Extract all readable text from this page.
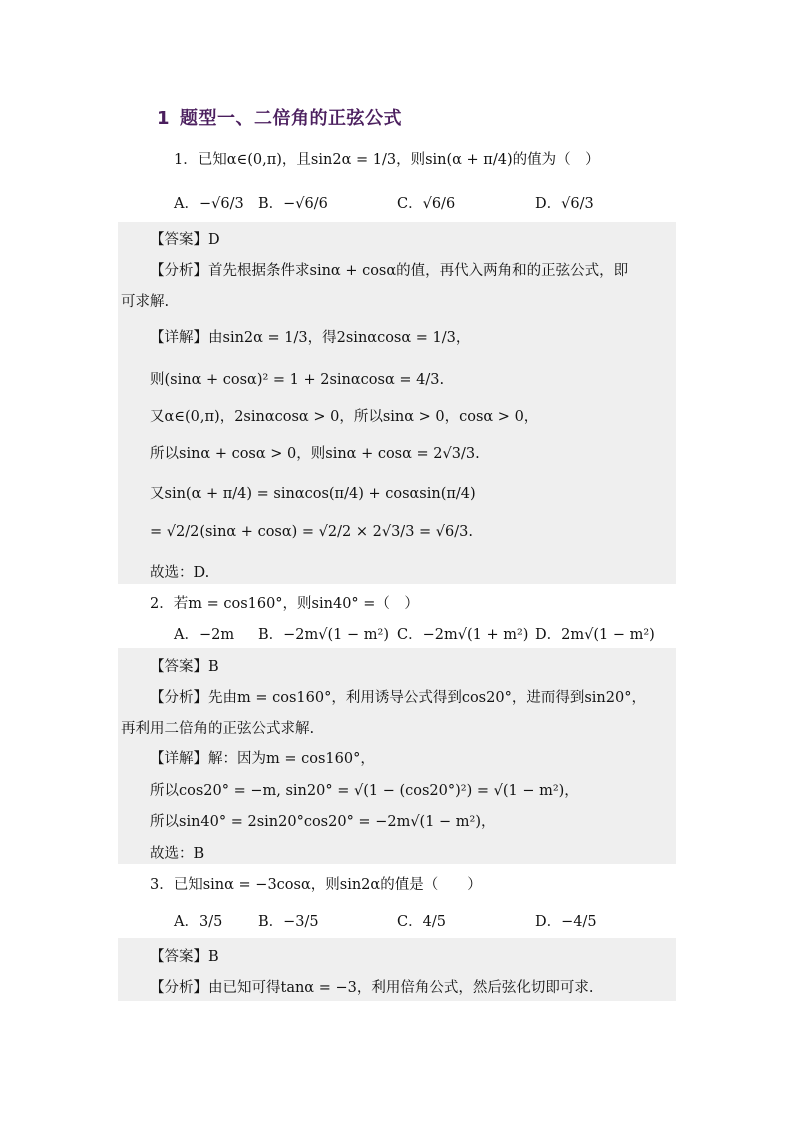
1 题型一、二倍角的正弦公式
1．已知α∈(0,π)，且sin2α = 1/3，则sin(α + π/4)的值为（　）
A．−√6/3 B．−√6/6	C．√6/6	D．√6/3
【答案】D
【分析】首先根据条件求sinα + cosα的值，再代入两角和的正弦公式，即
可求解.
【详解】由sin2α = 1/3，得2sinαcosα = 1/3，
则(sinα + cosα)² = 1 + 2sinαcosα = 4/3.
又α∈(0,π)，2sinαcosα > 0，所以sinα > 0，cosα > 0，
所以sinα + cosα > 0，则sinα + cosα = 2√3/3.
又sin(α + π/4) = sinαcos(π/4) + cosαsin(π/4)
= √2/2(sinα + cosα) = √2/2 × 2√3/3 = √6/3.
故选：D.
2．若m = cos160°，则sin40° =（　）
A．−2m B．−2m√(1 − m²) C．−2m√(1 + m²) D．2m√(1 − m²)
【答案】B
【分析】先由m = cos160°，利用诱导公式得到cos20°，进而得到sin20°，
再利用二倍角的正弦公式求解.
【详解】解：因为m = cos160°，
所以cos20° = −m, sin20° = √(1 − (cos20°)²) = √(1 − m²)，
所以sin40° = 2sin20°cos20° = −2m√(1 − m²)，
故选：B
3．已知sinα = −3cosα，则sin2α的值是（　　）
A．3/5 B．−3/5	C．4/5	D．−4/5
【答案】B
【分析】由已知可得tanα = −3，利用倍角公式，然后弦化切即可求.
